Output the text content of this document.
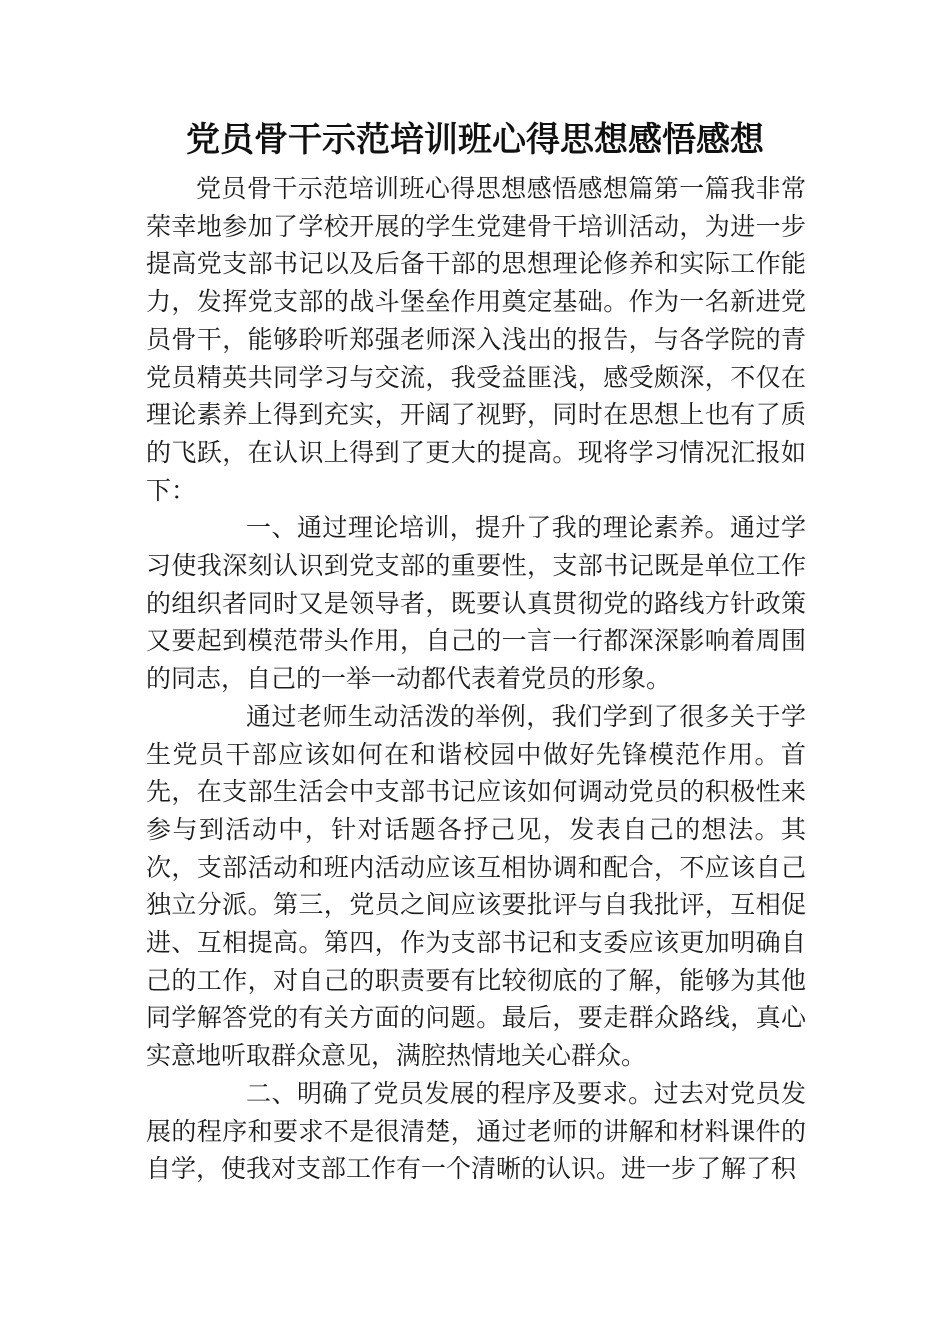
党员骨干示范培训班心得思想感悟感想

党员骨干示范培训班心得思想感悟感想篇第一篇我非常荣幸地参加了学校开展的学生党建骨干培训活动，为进一步提高党支部书记以及后备干部的思想理论修养和实际工作能力，发挥党支部的战斗堡垒作用奠定基础。作为一名新进党员骨干，能够聆听郑强老师深入浅出的报告，与各学院的青党员精英共同学习与交流，我受益匪浅，感受颇深，不仅在理论素养上得到充实，开阔了视野，同时在思想上也有了质的飞跃，在认识上得到了更大的提高。现将学习情况汇报如下：

一、通过理论培训，提升了我的理论素养。通过学习使我深刻认识到党支部的重要性，支部书记既是单位工作的组织者同时又是领导者，既要认真贯彻党的路线方针政策又要起到模范带头作用，自己的一言一行都深深影响着周围的同志，自己的一举一动都代表着党员的形象。

通过老师生动活泼的举例，我们学到了很多关于学生党员干部应该如何在和谐校园中做好先锋模范作用。首先，在支部生活会中支部书记应该如何调动党员的积极性来参与到活动中，针对话题各抒己见，发表自己的想法。其次，支部活动和班内活动应该互相协调和配合，不应该自己独立分派。第三，党员之间应该要批评与自我批评，互相促进、互相提高。第四，作为支部书记和支委应该更加明确自己的工作，对自己的职责要有比较彻底的了解，能够为其他同学解答党的有关方面的问题。最后，要走群众路线，真心实意地听取群众意见，满腔热情地关心群众。

二、明确了党员发展的程序及要求。过去对党员发展的程序和要求不是很清楚，通过老师的讲解和材料课件的自学，使我对支部工作有一个清晰的认识。进一步了解了积
